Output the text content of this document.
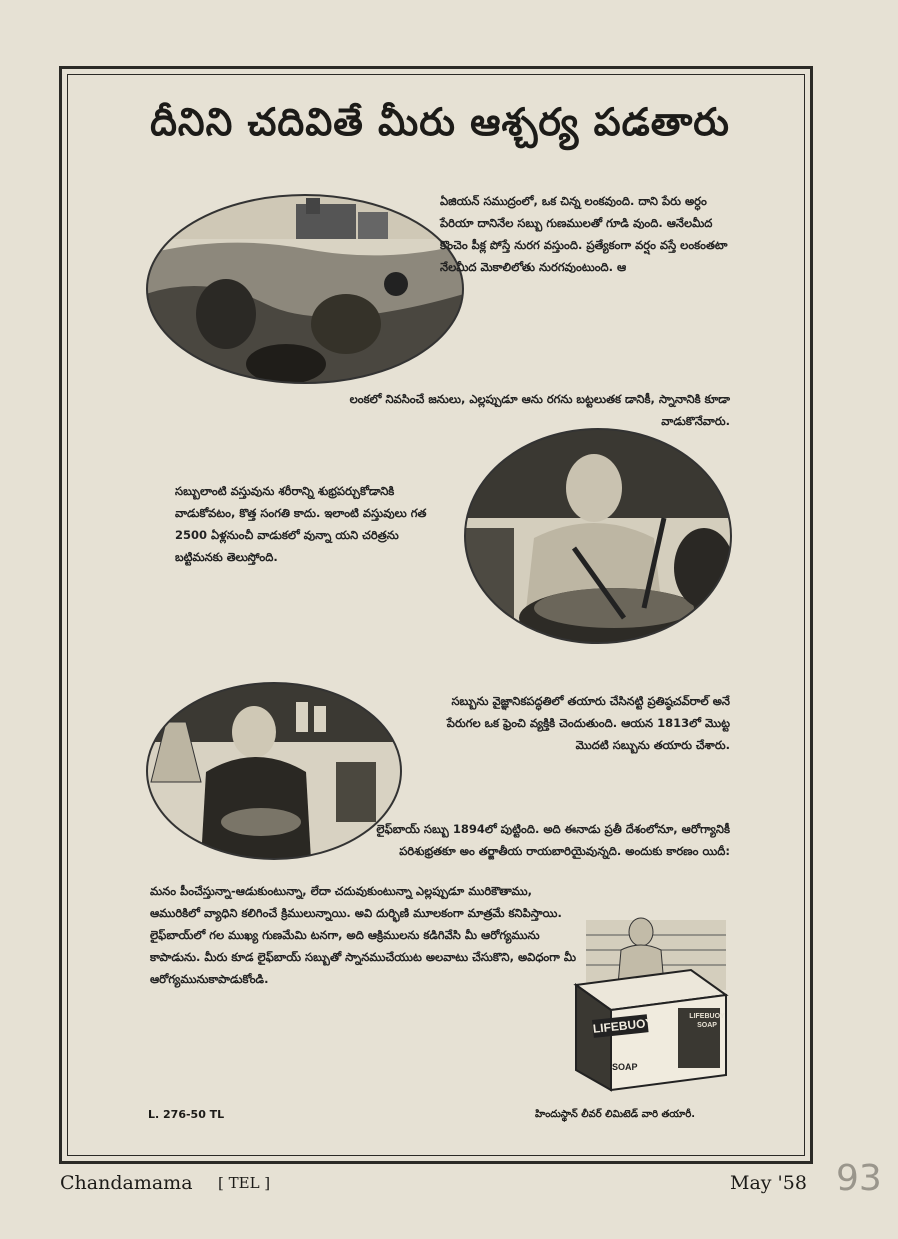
దీనిని చదివితే మీరు ఆశ్చర్య పడతారు
ఏజియన్ సముద్రంలో, ఒక చిన్న లంకవుంది. దాని పేరు అర్ధం పేరియా దానినేల సబ్బు గుణములతో గూడి వుంది. ఆనేలమీద కొంచెం పీక్ల పోస్తే నురగ వస్తుంది. ప్రత్యేకంగా వర్షం వస్తే లంకంతటా నేలమీద మెకాలిలోతు నురగవుంటుంది. ఆ
లంకలో నివసించే జనులు, ఎల్లప్పుడూ ఆను రగను బట్టలుతక డానికీ, స్నానానికి కూడా వాడుకొనేవారు.
సబ్బులాంటి వస్తువును శరీరాన్ని శుభ్రపర్చుకోడానికి వాడుకోవటం, కొత్త సంగతి కాదు. ఇలాంటి వస్తువులు గత 2500 ఏళ్లనుంచీ వాడుకలో వున్నా యని చరిత్రను బట్టిమనకు తెలుస్తోంది.
సబ్బును వైజ్ఞానికపద్ధతిలో తయారు చేసినట్టి ప్రతిష్ఠచవ్‌రాల్ అనే పేరుగల ఒక ఫ్రెంచి వ్యక్తికి చెందుతుంది. ఆయన 1813లో మొట్ట మొదటి సబ్బును తయారు చేశారు.
లైఫ్‌బాయ్ సబ్బు 1894లో పుట్టింది. అది ఈనాడు ప్రతీ దేశంలోనూ, ఆరోగ్యానికీ పరిశుభ్రతకూ అం తర్జాతీయ రాయబారియైవున్నది. అందుకు కారణం యిదీ:
మనం పీంచేస్తున్నా-ఆడుకుంటున్నా, లేదా చదువుకుంటున్నా ఎల్లప్పుడూ మురికౌతాము, ఆమురికిలో వ్యాధిని కలిగించే క్రిములున్నాయి. అవి దుర్భిణి మూలకంగా మాత్రమే కనిపిస్తాయి. లైఫ్‌బాయ్‌లో గల ముఖ్య గుణమేమి టనగా, అది ఆక్రిములను కడిగివేసి మీ ఆరోగ్యమును కాపాడును. మీరు కూడ లైఫ్‌బాయ్ సబ్బుతో స్నానముచేయుట అలవాటు చేసుకొని, అవిధంగా మీ ఆరోగ్యమునుకాపాడుకోండి.
LIFEBUOY
SOAP
LIFEBUOY SOAP
L. 276-50 TL	హిందుస్థాన్ లీవర్ లిమిటెడ్ వారి తయారీ.
Chandamama [ TEL ]	May '58 93
